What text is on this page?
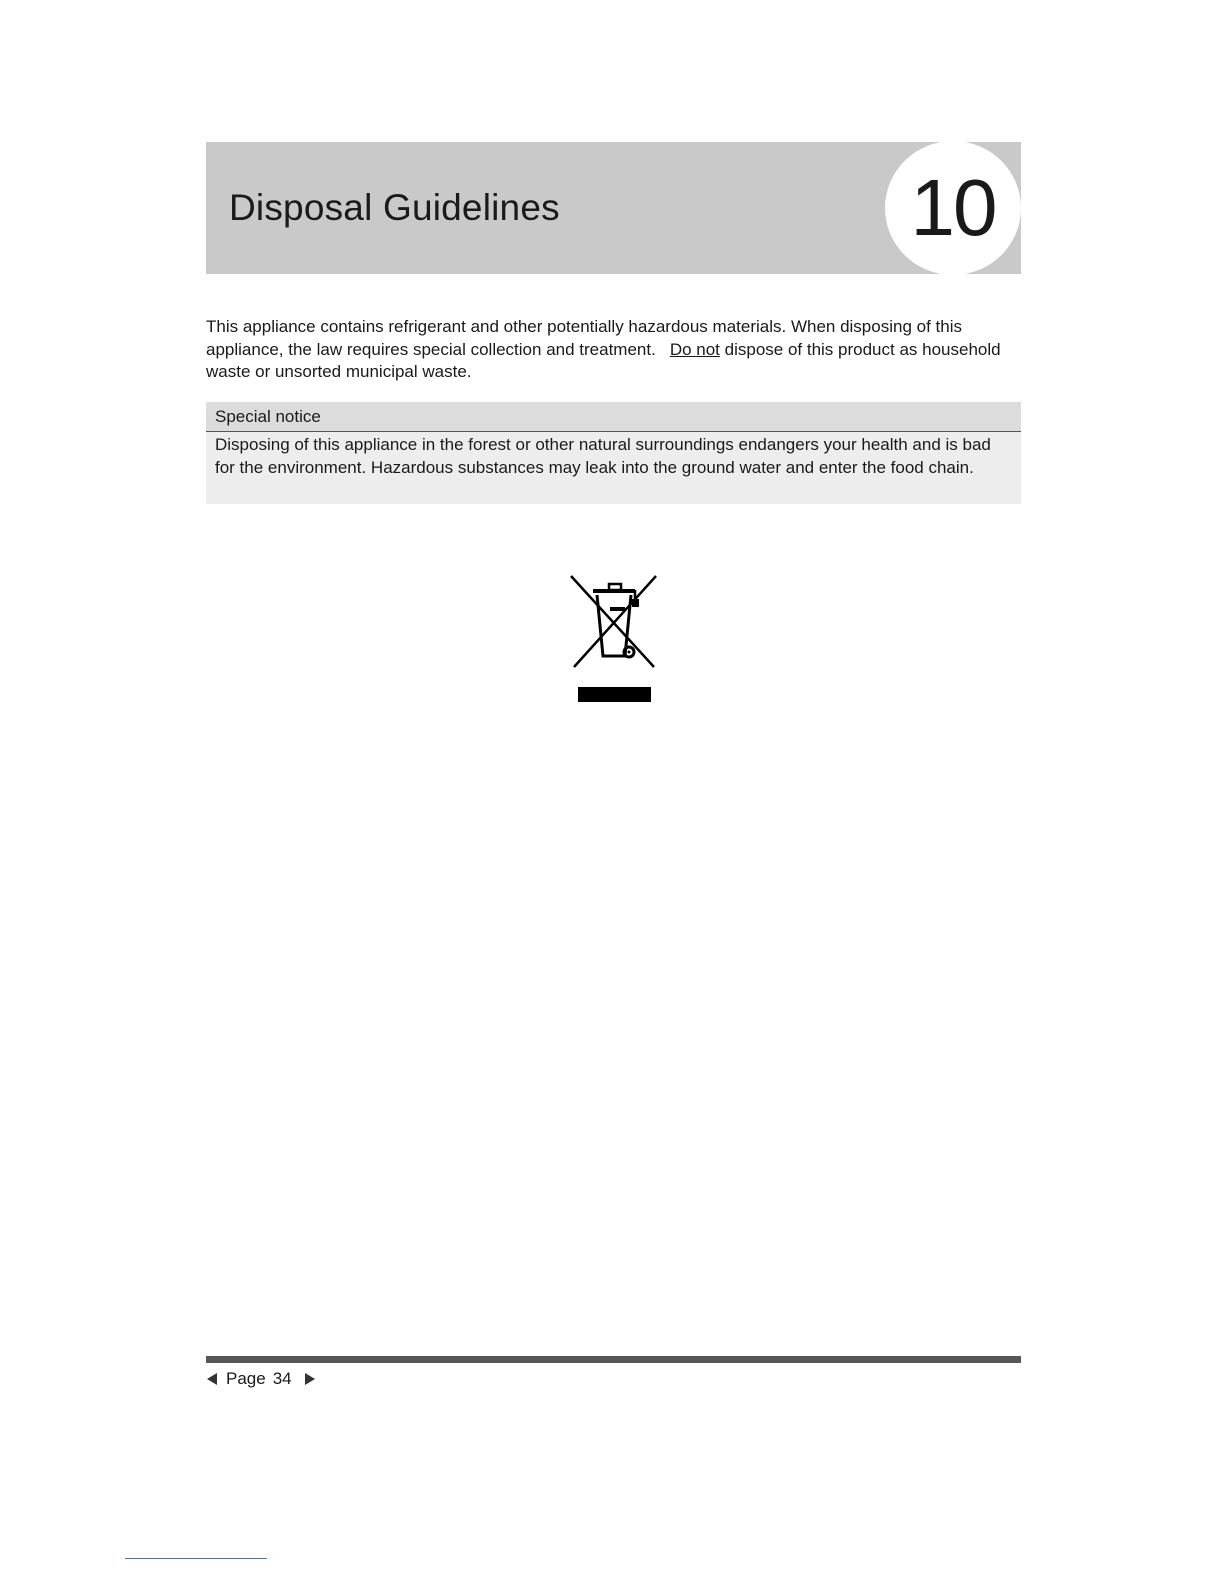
Disposal Guidelines	10

This appliance contains refrigerant and other potentially hazardous materials. When disposing of this appliance, the law requires special collection and treatment. Do not dispose of this product as household waste or unsorted municipal waste.

Special notice
Disposing of this appliance in the forest or other natural surroundings endangers your health and is bad for the environment. Hazardous substances may leak into the ground water and enter the food chain.
Page 34
